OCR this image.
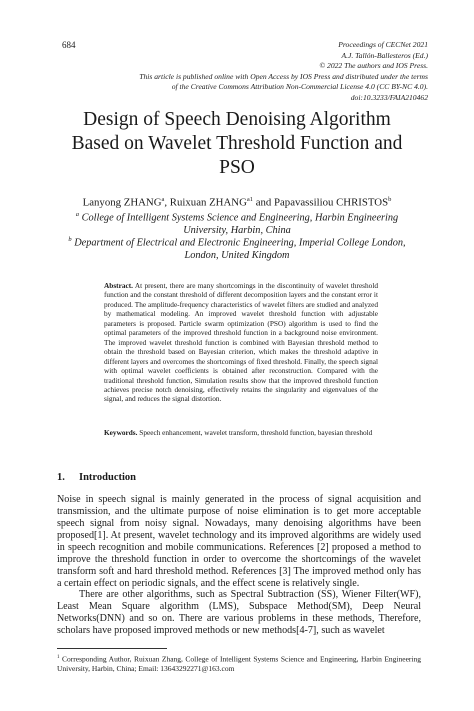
684	Proceedings of CECNet 2021
A.J. Tallón-Ballesteros (Ed.)
© 2022 The authors and IOS Press.
This article is published online with Open Access by IOS Press and distributed under the terms
of the Creative Commons Attribution Non-Commercial License 4.0 (CC BY-NC 4.0).
doi:10.3233/FAIA210462
Design of Speech Denoising Algorithm
Based on Wavelet Threshold Function and
PSO
Lanyong ZHANG$^a$, Ruixuan $ZHANG^{a1}$ and Papavassiliou CHRISTOS$^b$
$^a$ College of Intelligent Systems Science and Engineering, Harbin Engineering
University, Harbin, China
$^b$ Department of Electrical and Electronic Engineering, Imperial College London,
London, United Kingdom
Abstract. At present, there are many shortcomings in the discontinuity of wavelet threshold function and the constant threshold of different decomposition layers and the constant error it produced. The amplitude-frequency characteristics of wavelet filters are studied and analyzed by mathematical modeling. An improved wavelet threshold function with adjustable parameters is proposed. Particle swarm optimization (PSO) algorithm is used to find the optimal parameters of the improved threshold function in a background noise environment. The improved wavelet threshold function is combined with Bayesian threshold method to obtain the threshold based on Bayesian criterion, which makes the threshold adaptive in different layers and overcomes the shortcomings of fixed threshold. Finally, the speech signal with optimal wavelet coefficients is obtained after reconstruction. Compared with the traditional threshold function, Simulation results show that the improved threshold function achieves precise notch denoising, effectively retains the singularity and eigenvalues of the signal, and reduces the signal distortion.
Keywords. Speech enhancement, wavelet transform, threshold function, bayesian threshold
1. Introduction
Noise in speech signal is mainly generated in the process of signal acquisition and transmission, and the ultimate purpose of noise elimination is to get more acceptable speech signal from noisy signal. Nowadays, many denoising algorithms have been proposed[1]. At present, wavelet technology and its improved algorithms are widely used in speech recognition and mobile communications. References [2] proposed a method to improve the threshold function in order to overcome the shortcomings of the wavelet transform soft and hard threshold method. References [3] The improved method only has a certain effect on periodic signals, and the effect scene is relatively single.
There are other algorithms, such as Spectral Subtraction (SS), Wiener Filter(WF), Least Mean Square algorithm (LMS), Subspace Method(SM), Deep Neural Networks(DNN) and so on. There are various problems in these methods, Therefore, scholars have proposed improved methods or new methods[4-7], such as wavelet
$^1$ Corresponding Author, Ruixuan Zhang, College of Intelligent Systems Science and Engineering, Harbin Engineering University, Harbin, China; Email: 13643292271@163.com
